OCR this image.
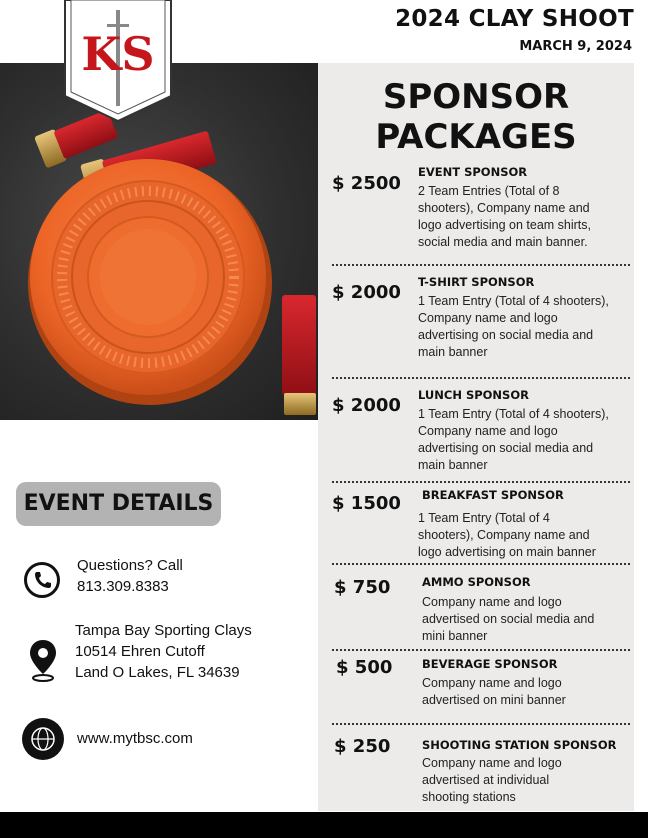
2024 CLAY SHOOT
MARCH 9, 2024
KS
SPONSOR
PACKAGES
$ 2500
EVENT SPONSOR
2 Team Entries (Total of 8
shooters), Company name and
logo advertising on team shirts,
social media and main banner.
$ 2000 T-SHIRT SPONSOR
1 Team Entry (Total of 4 shooters),
Company name and logo
advertising on social media and
main banner
$ 2000 LUNCH SPONSOR
1 Team Entry (Total of 4 shooters),
Company name and logo
advertising on social media and
main banner
$ 1500 BREAKFAST SPONSOR
1 Team Entry (Total of 4
shooters), Company name and
logo advertising on main banner
$ 750	AMMO SPONSOR
Company name and logo
advertised on social media and
mini banner
$ 500	BEVERAGE SPONSOR
Company name and logo
advertised on mini banner
$ 250	SHOOTING STATION SPONSOR
Company name and logo
advertised at individual
shooting stations
EVENT DETAILS
Questions? Call
813.309.8383
Tampa Bay Sporting Clays
10514 Ehren Cutoff
Land O Lakes, FL 34639
www.mytbsc.com
